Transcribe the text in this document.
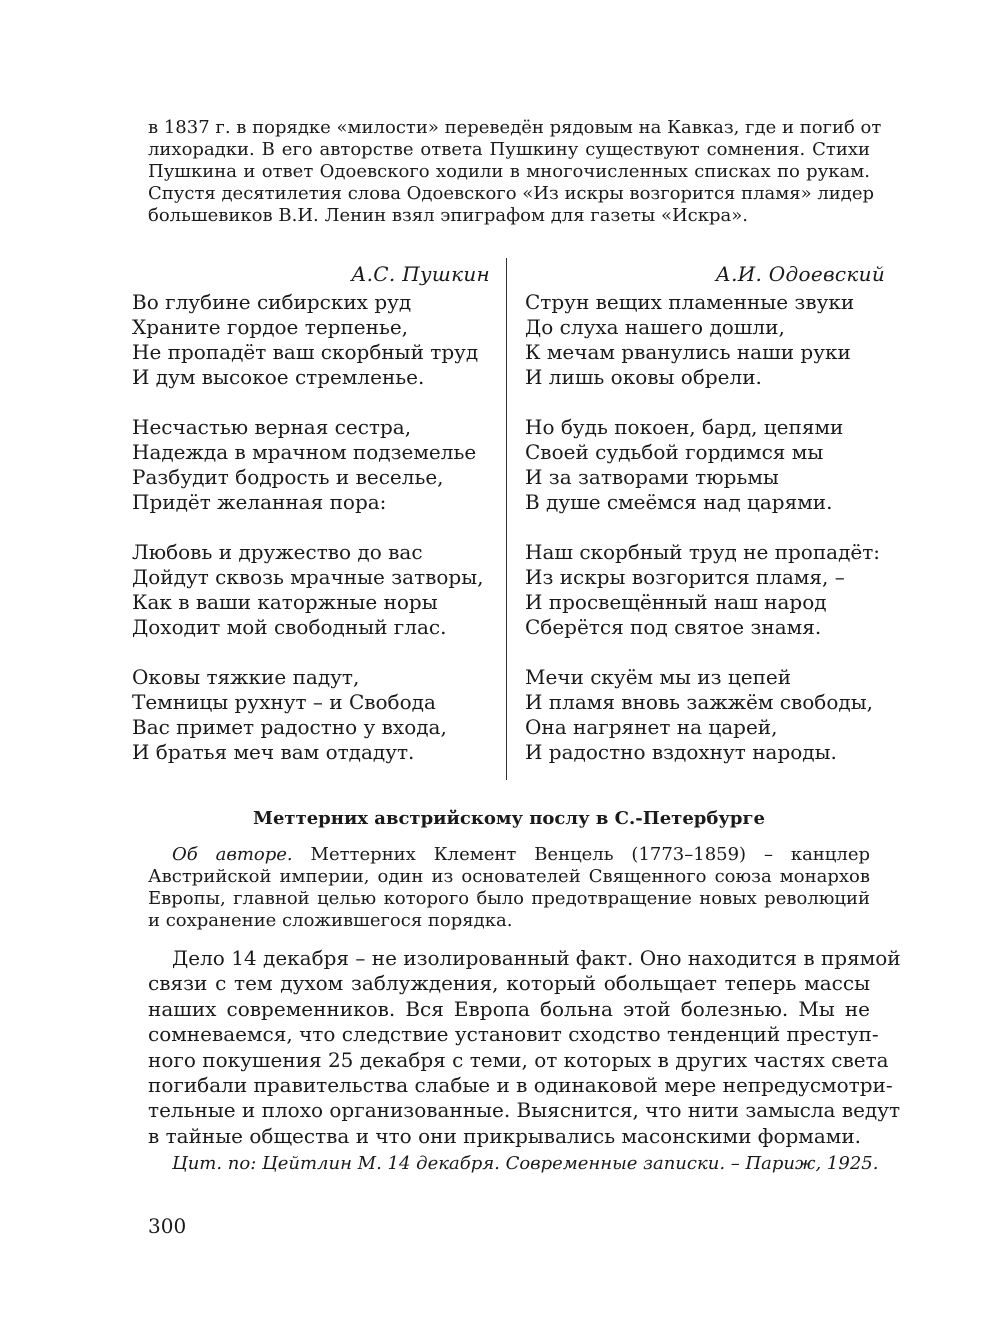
в 1837 г. в порядке «милости» переведён рядовым на Кавказ, где и погиб от
лихорадки. В его авторстве ответа Пушкину существуют сомнения. Стихи
Пушкина и ответ Одоевского ходили в многочисленных списках по рукам.
Спустя десятилетия слова Одоевского «Из искры возгорится пламя» лидер
большевиков В.И. Ленин взял эпиграфом для газеты «Искра».
А.С. Пушкин
Во глубине сибирских руд
Храните гордое терпенье,
Не пропадёт ваш скорбный труд
И дум высокое стремленье.
Несчастью верная сестра,
Надежда в мрачном подземелье
Разбудит бодрость и веселье,
Придёт желанная пора:
Любовь и дружество до вас
Дойдут сквозь мрачные затворы,
Как в ваши каторжные норы
Доходит мой свободный глас.
Оковы тяжкие падут,
Темницы рухнут – и Свобода
Вас примет радостно у входа,
И братья меч вам отдадут.
А.И. Одоевский
Струн вещих пламенные звуки
До слуха нашего дошли,
К мечам рванулись наши руки
И лишь оковы обрели.
Но будь покоен, бард, цепями
Своей судьбой гордимся мы
И за затворами тюрьмы
В душе смеёмся над царями.
Наш скорбный труд не пропадёт:
Из искры возгорится пламя, –
И просвещённый наш народ
Сберётся под святое знамя.
Мечи скуём мы из цепей
И пламя вновь зажжём свободы,
Она нагрянет на царей,
И радостно вздохнут народы.
Меттерних австрийскому послу в С.-Петербурге
Об авторе. Меттерних Клемент Венцель (1773–1859) – канцлер
Австрийской империи, один из основателей Священного союза монархов
Европы, главной целью которого было предотвращение новых революций
и сохранение сложившегося порядка.
Дело 14 декабря – не изолированный факт. Оно находится в прямой
связи с тем духом заблуждения, который обольщает теперь массы
наших современников. Вся Европа больна этой болезнью. Мы не
сомневаемся, что следствие установит сходство тенденций преступ-
ного покушения 25 декабря с теми, от которых в других частях света
погибали правительства слабые и в одинаковой мере непредусмотри-
тельные и плохо организованные. Выяснится, что нити замысла ведут
в тайные общества и что они прикрывались масонскими формами.
Цит. по: Цейтлин М. 14 декабря. Современные записки. – Париж, 1925.
300
